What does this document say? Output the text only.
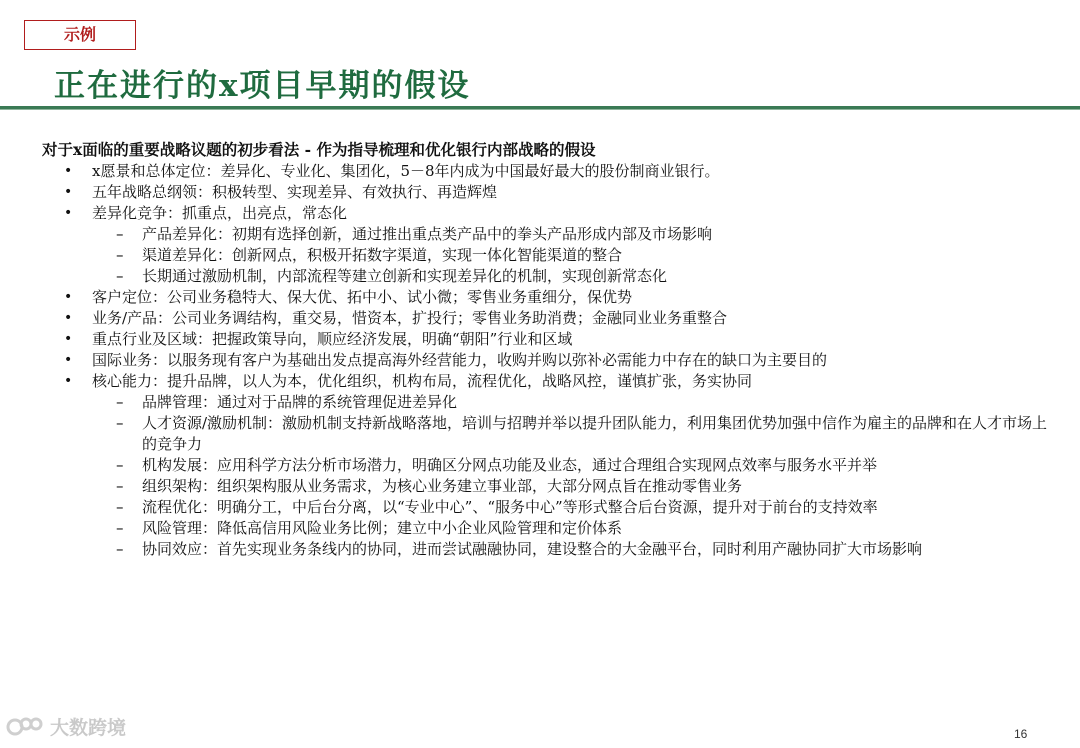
示例
正在进行的x项目早期的假设
对于x面临的重要战略议题的初步看法 - 作为指导梳理和优化银行内部战略的假设
• x愿景和总体定位：差异化、专业化、集团化，5－8年内成为中国最好最大的股份制商业银行。
• 五年战略总纲领：积极转型、实现差异、有效执行、再造辉煌
• 差异化竞争：抓重点，出亮点，常态化
– 产品差异化：初期有选择创新，通过推出重点类产品中的拳头产品形成内部及市场影响
– 渠道差异化：创新网点，积极开拓数字渠道，实现一体化智能渠道的整合
– 长期通过激励机制，内部流程等建立创新和实现差异化的机制，实现创新常态化
• 客户定位：公司业务稳特大、保大优、拓中小、试小微；零售业务重细分，保优势
• 业务/产品：公司业务调结构，重交易，惜资本，扩投行；零售业务助消费；金融同业业务重整合
• 重点行业及区域：把握政策导向，顺应经济发展，明确“朝阳”行业和区域
• 国际业务：以服务现有客户为基础出发点提高海外经营能力，收购并购以弥补必需能力中存在的缺口为主要目的
• 核心能力：提升品牌，以人为本，优化组织，机构布局，流程优化，战略风控，谨慎扩张，务实协同
– 品牌管理：通过对于品牌的系统管理促进差异化
– 人才资源/激励机制：激励机制支持新战略落地，培训与招聘并举以提升团队能力，利用集团优势加强中信作为雇主的品牌和在人才市场上的竞争力
– 机构发展：应用科学方法分析市场潜力，明确区分网点功能及业态，通过合理组合实现网点效率与服务水平并举
– 组织架构：组织架构服从业务需求，为核心业务建立事业部，大部分网点旨在推动零售业务
– 流程优化：明确分工，中后台分离，以“专业中心”、“服务中心”等形式整合后台资源，提升对于前台的支持效率
– 风险管理：降低高信用风险业务比例；建立中小企业风险管理和定价体系
– 协同效应：首先实现业务条线内的协同，进而尝试融融协同，建设整合的大金融平台，同时利用产融协同扩大市场影响
大数跨境	16
